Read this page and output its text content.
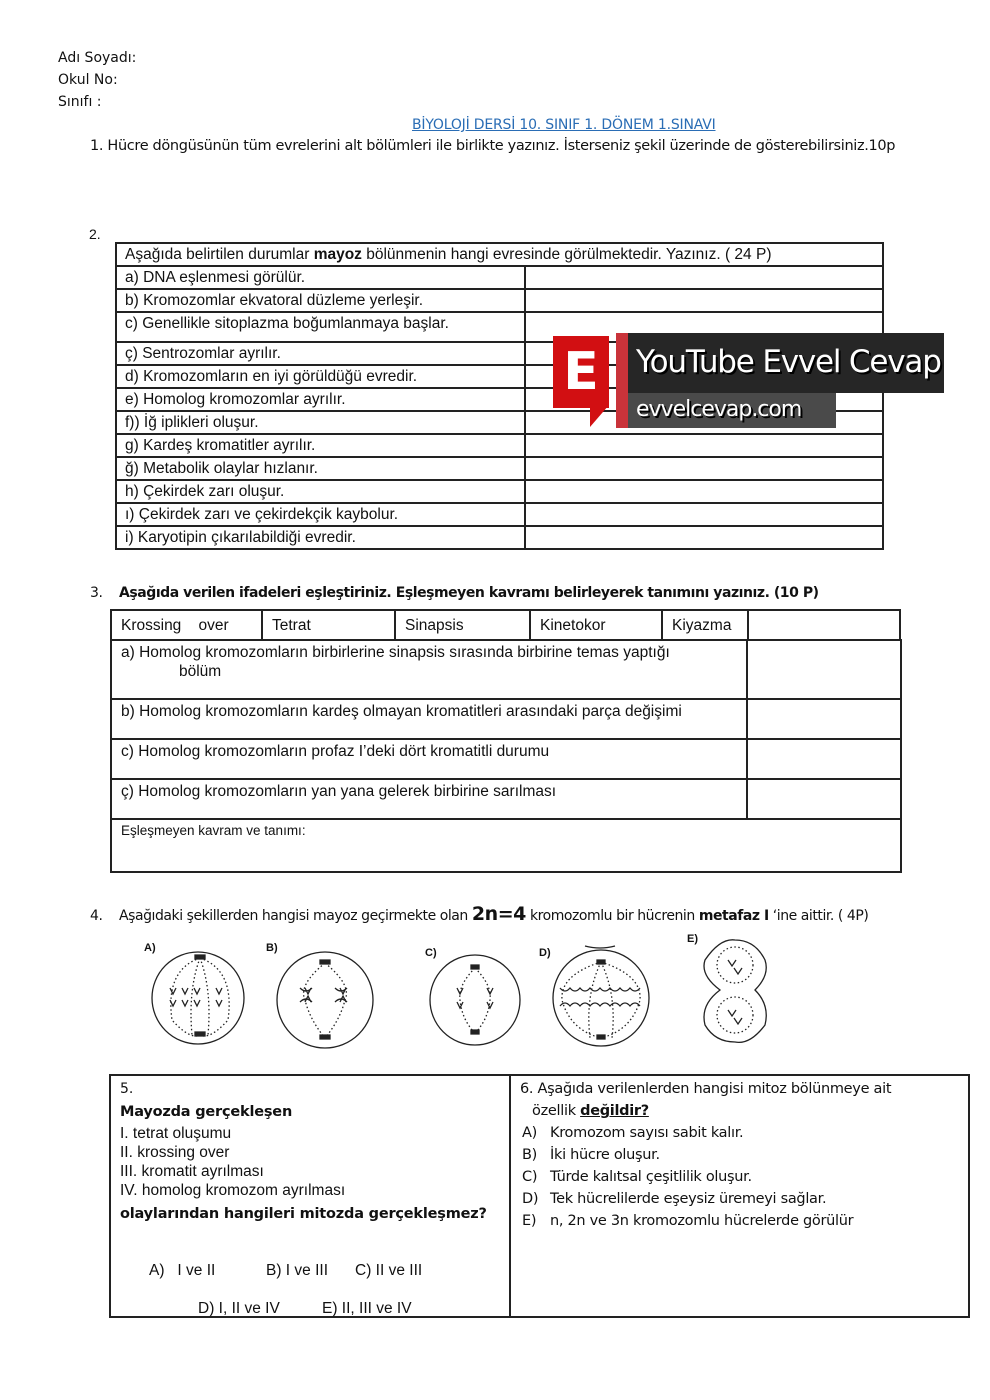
Adı Soyadı:
Okul No:
Sınıfı :
BİYOLOJİ DERSİ 10. SINIF 1. DÖNEM 1.SINAVI
1. Hücre döngüsünün tüm evrelerini alt bölümleri ile birlikte yazınız. İsterseniz şekil üzerinde de gösterebilirsiniz.10p
2.
Aşağıda belirtilen durumlar mayoz bölünmenin hangi evresinde görülmektedir. Yazınız. ( 24 P)	
a) DNA eşlenmesi görülür.	
b) Kromozomlar ekvatoral düzleme yerleşir.	
c) Genellikle sitoplazma boğumlanmaya başlar.	
ç) Sentrozomlar ayrılır.	
d) Kromozomların en iyi görüldüğü evredir.	
e) Homolog kromozomlar ayrılır.	
f)) İğ iplikleri oluşur.	
g) Kardeş kromatitler ayrılır.	
ğ) Metabolik olaylar hızlanır.	
h) Çekirdek zarı oluşur.	
ı) Çekirdek zarı ve çekirdekçik kaybolur.	
i) Karyotipin çıkarılabildiği evredir.	
E	YouTube Evvel Cevap
evvelcevap.com
3. Aşağıda verilen ifadeleri eşleştiriniz. Eşleşmeyen kavramı belirleyerek tanımını yazınız. (10 P)
Krossing    over	Tetrat	Sinapsis	Kinetokor	Kiyazma
a) Homolog kromozomların birbirlerine sinapsis sırasında birbirine temas yaptığı
bölüm
b) Homolog kromozomların kardeş olmayan kromatitleri arasındaki parça değişimi
c) Homolog kromozomların profaz I’deki dört kromatitli durumu
ç) Homolog kromozomların yan yana gelerek birbirine sarılması
Eşleşmeyen kavram ve tanımı:
4. Aşağıdaki şekillerden hangisi mayoz geçirmekte olan 2n=4 kromozomlu bir hücrenin metafaz I ‘ine aittir. ( 4P)
A)	B)	C)	D)
E)
5.
Mayozda gerçekleşen
I. tetrat oluşumu
II. krossing over
III. kromatit ayrılması
IV. homolog kromozom ayrılması
olaylarından hangileri mitozda gerçekleşmez?
A)   I ve II	B) I ve III C) II ve III
D) I, II ve IV	E) II, III ve IV
6. Aşağıda verilenlerden hangisi mitoz bölünmeye ait
özellik değildir?
A) Kromozom sayısı sabit kalır.
B) İki hücre oluşur.
C) Türde kalıtsal çeşitlilik oluşur.
D) Tek hücrelilerde eşeysiz üremeyi sağlar.
E) n, 2n ve 3n kromozomlu hücrelerde görülür
